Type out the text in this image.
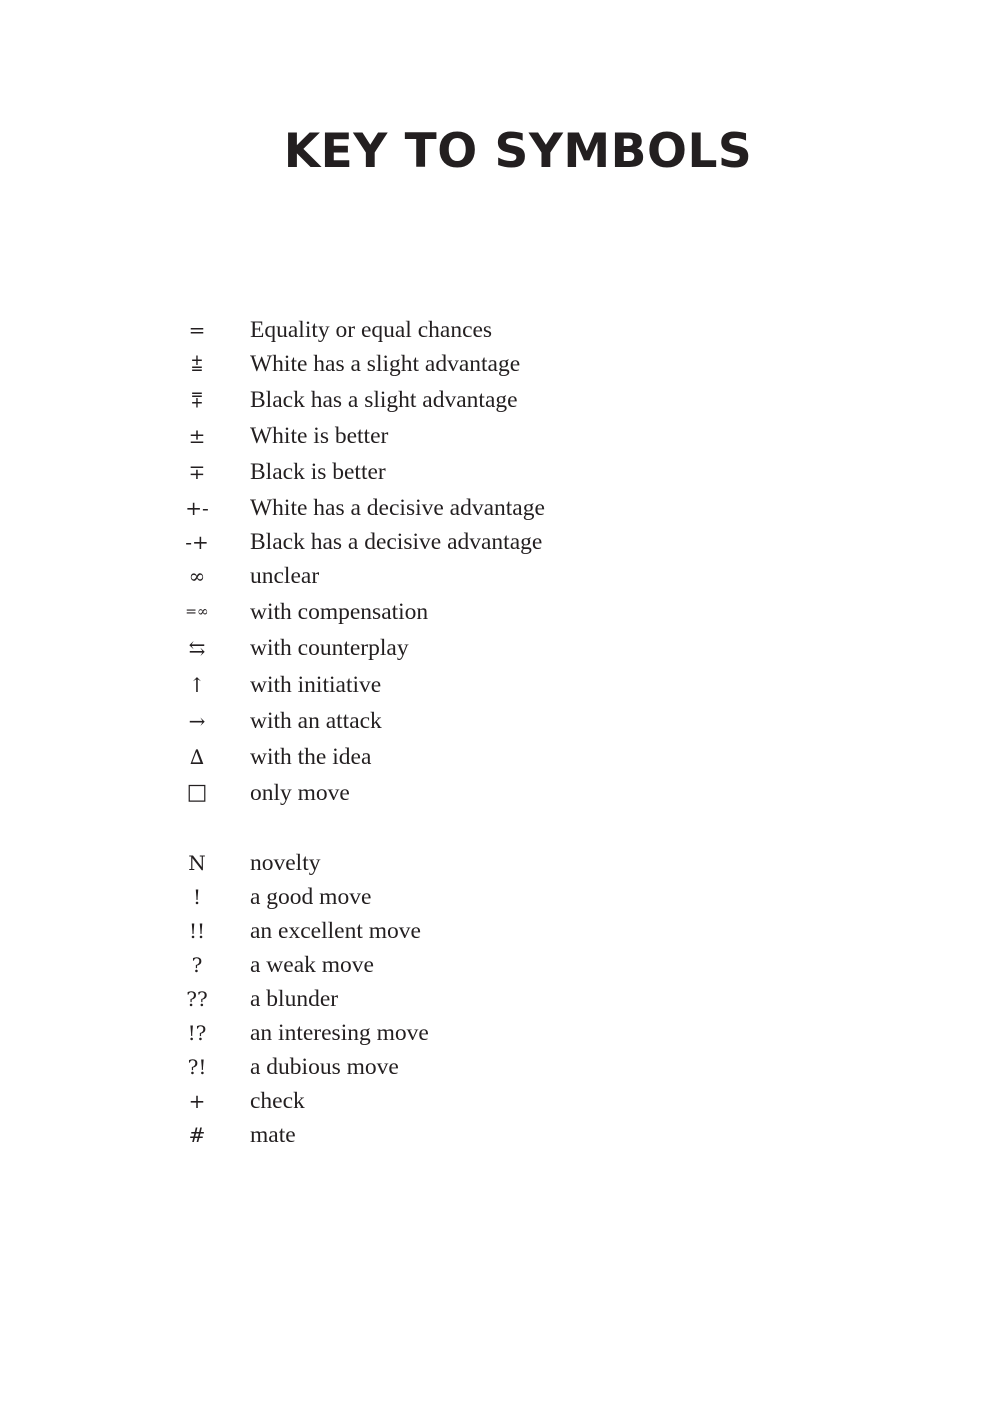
KEY TO SYMBOLS
=	Equality or equal chances
⩲	White has a slight advantage
⩱	Black has a slight advantage
±	White is better
∓	Black is better
+-	White has a decisive advantage
-+	Black has a decisive advantage
∞	unclear
=∞	with compensation
⇆	with counterplay
↑	with initiative
→	with an attack
∆	with the idea
□	only move
N	novelty
!	a good move
!!	an excellent move
?	a weak move
??	a blunder
!?	an interesing move
?!	a dubious move
+	check
#	mate
